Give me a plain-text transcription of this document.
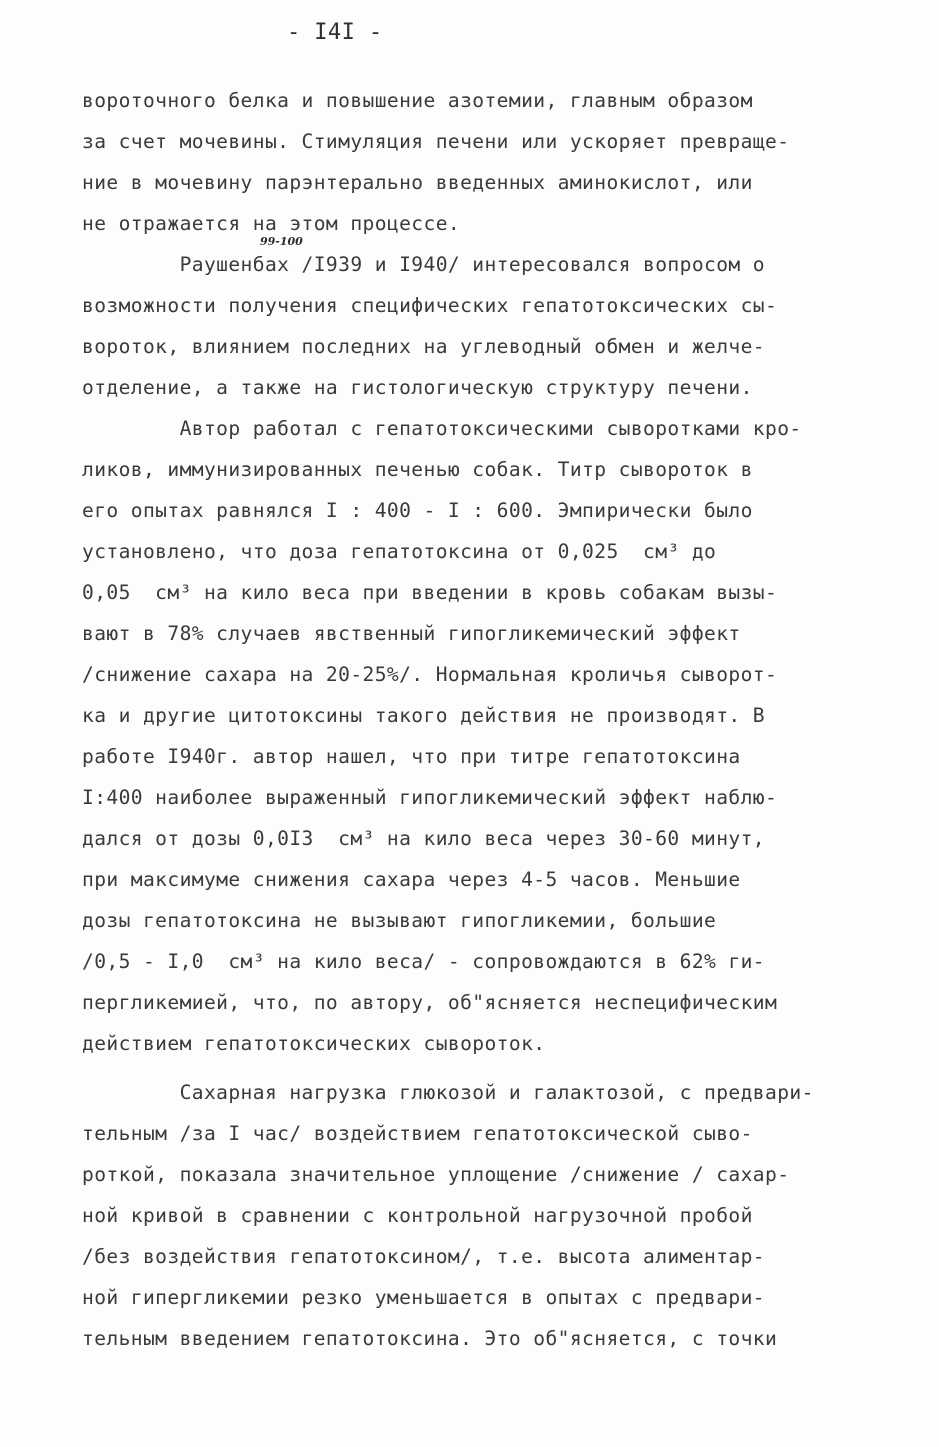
- I4I -
99-100
вороточного белка и повышение азотемии, главным образом
за счет мочевины. Стимуляция печени или ускоряет превраще-
ние в мочевину парэнтерально введенных аминокислот, или
не отражается на этом процессе.
Раушенбах /I939 и I940/ интересовался вопросом о
возможности получения специфических гепатотоксических сы-
вороток, влиянием последних на углеводный обмен и желче-
отделение, а также на гистологическую структуру печени.
Автор работал с гепатотоксическими сыворотками кро-
ликов, иммунизированных печенью собак. Титр сывороток в
его опытах равнялся I : 400 - I : 600. Эмпирически было
установлено, что доза гепатотоксина от 0,025  см³ до
0,05  см³ на кило веса при введении в кровь собакам вызы-
вают в 78% случаев явственный гипогликемический эффект
/снижение сахара на 20-25%/. Нормальная кроличья сыворот-
ка и другие цитотоксины такого действия не производят. В
работе I940г. автор нашел, что при титре гепатотоксина
I:400 наиболее выраженный гипогликемический эффект наблю-
дался от дозы 0,0I3  см³ на кило веса через 30-60 минут,
при максимуме снижения сахара через 4-5 часов. Меньшие
дозы гепатотоксина не вызывают гипогликемии, большие
/0,5 - I,0  см³ на кило веса/ - сопровождаются в 62% ги-
пергликемией, что, по автору, об"ясняется неспецифическим
действием гепатотоксических сывороток.
Сахарная нагрузка глюкозой и галактозой, с предвари-
тельным /за I час/ воздействием гепатотоксической сыво-
роткой, показала значительное уплощение /снижение / сахар-
ной кривой в сравнении с контрольной нагрузочной пробой
/без воздействия гепатотоксином/, т.е. высота алиментар-
ной гипергликемии резко уменьшается в опытах с предвари-
тельным введением гепатотоксина. Это об"ясняется, с точки
